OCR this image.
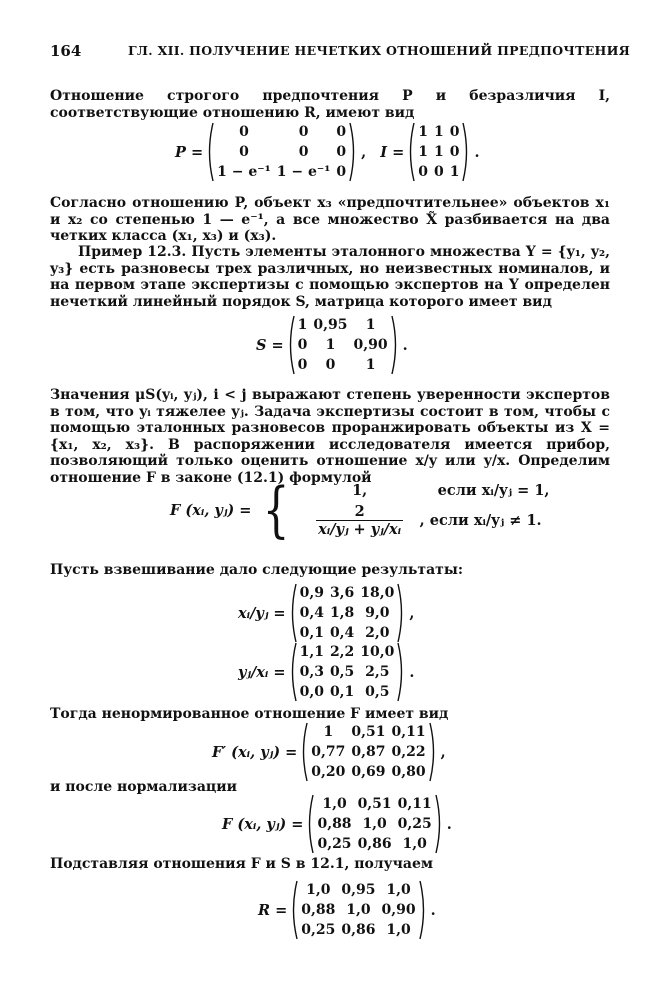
164	ГЛ. XII. ПОЛУЧЕНИЕ НЕЧЕТКИХ ОТНОШЕНИЙ ПРЕДПОЧТЕНИЯ

Отношение строгого предпочтения P и безразличия I, соответствующие отношению R, имеют вид

P =
0	0	0
0	0	0
1 − e⁻¹	1 − e⁻¹	0
, I =
1	1	0
1	1	0
0	0	1
.

Согласно отношению P, объект x₃ «предпочтительнее» объектов x₁ и x₂ со степенью 1 — e⁻¹, а все множество X̃ разбивается на два четких класса (x₁, x₃) и (x₃).

Пример 12.3. Пусть элементы эталонного множества Y = {y₁, y₂, y₃} есть разновесы трех различных, но неизвестных номиналов, и на первом этапе экспертизы с помощью экспертов на Y определен нечеткий линейный порядок S, матрица которого имеет вид

S =
1	0,95	1
0	1	0,90
0	0	1
.

Значения μS(yᵢ, yⱼ), i < j выражают степень уверенности экспертов в том, что yᵢ тяжелее yⱼ. Задача экспертизы состоит в том, чтобы с помощью эталонных разновесов проранжировать объекты из X = {x₁, x₂, x₃}. В распоряжении исследователя имеется прибор, позволяющий только оценить отношение x/y или y/x. Определим отношение F в законе (12.1) формулой

F (xᵢ, yⱼ) = {	1,	если xᵢ/yⱼ = 1,
$\frac{2}{\text{xᵢ/yⱼ + yⱼ/xᵢ}}$ , если xᵢ/yⱼ ≠ 1.

Пусть взвешивание дало следующие результаты:

xᵢ/yⱼ =
0,9	3,6	18,0
0,4	1,8	9,0
0,1	0,4	2,0
,
yⱼ/xᵢ =
1,1	2,2	10,0
0,3	0,5	2,5
0,0	0,1	0,5
.

Тогда ненормированное отношение F имеет вид

F′ (xᵢ, yⱼ) =
1	0,51	0,11
0,77	0,87	0,22
0,20	0,69	0,80
,

и после нормализации

F (xᵢ, yⱼ) =
1,0	0,51	0,11
0,88	1,0	0,25
0,25	0,86	1,0
.

Подставляя отношения F и S в 12.1, получаем

R =
1,0	0,95	1,0
0,88	1,0	0,90
0,25	0,86	1,0
.
